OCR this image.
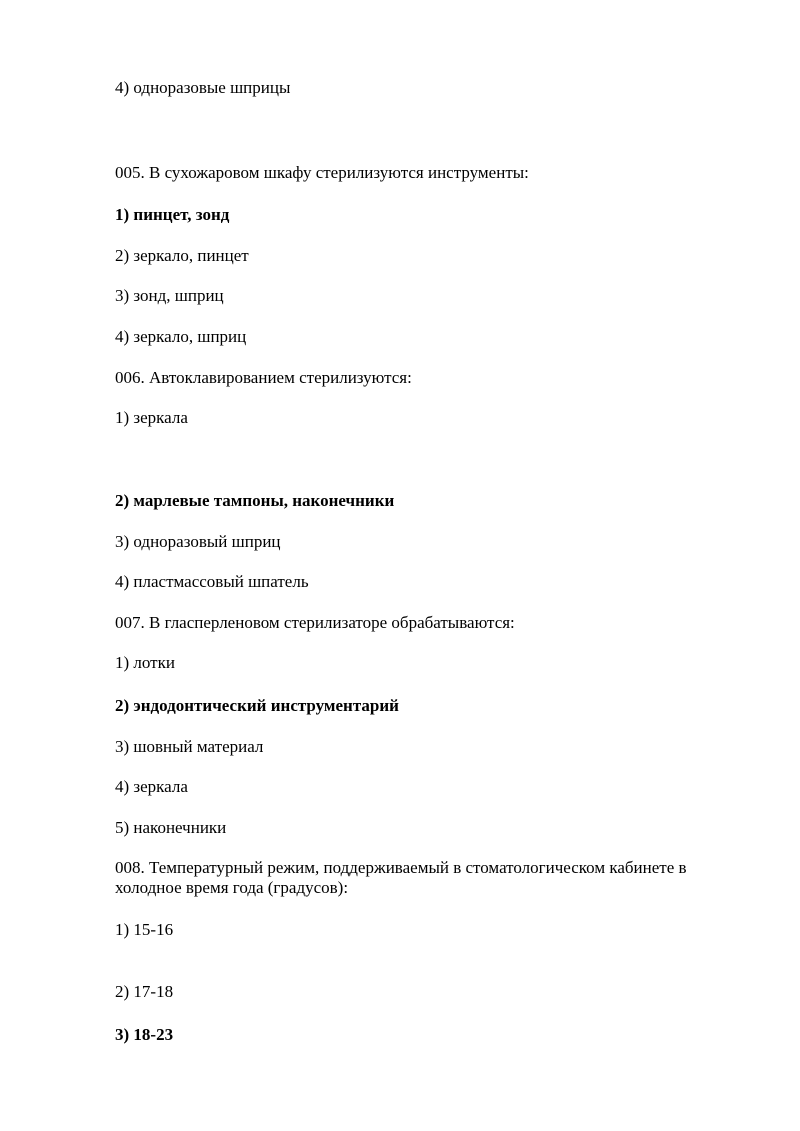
4) одноразовые шприцы

005. В сухожаровом шкафу стерилизуются инструменты:

1) пинцет, зонд

2) зеркало, пинцет

3) зонд, шприц

4) зеркало, шприц

006. Автоклавированием стерилизуются:

1) зеркала

2) марлевые тампоны, наконечники

3) одноразовый шприц

4) пластмассовый шпатель

007. В гласперленовом стерилизаторе обрабатываются:

1) лотки

2) эндодонтический инструментарий

3) шовный материал

4) зеркала

5) наконечники

008. Температурный режим, поддерживаемый в стоматологическом кабинете в холодное время года (градусов):

1) 15-16

2) 17-18

3) 18-23
